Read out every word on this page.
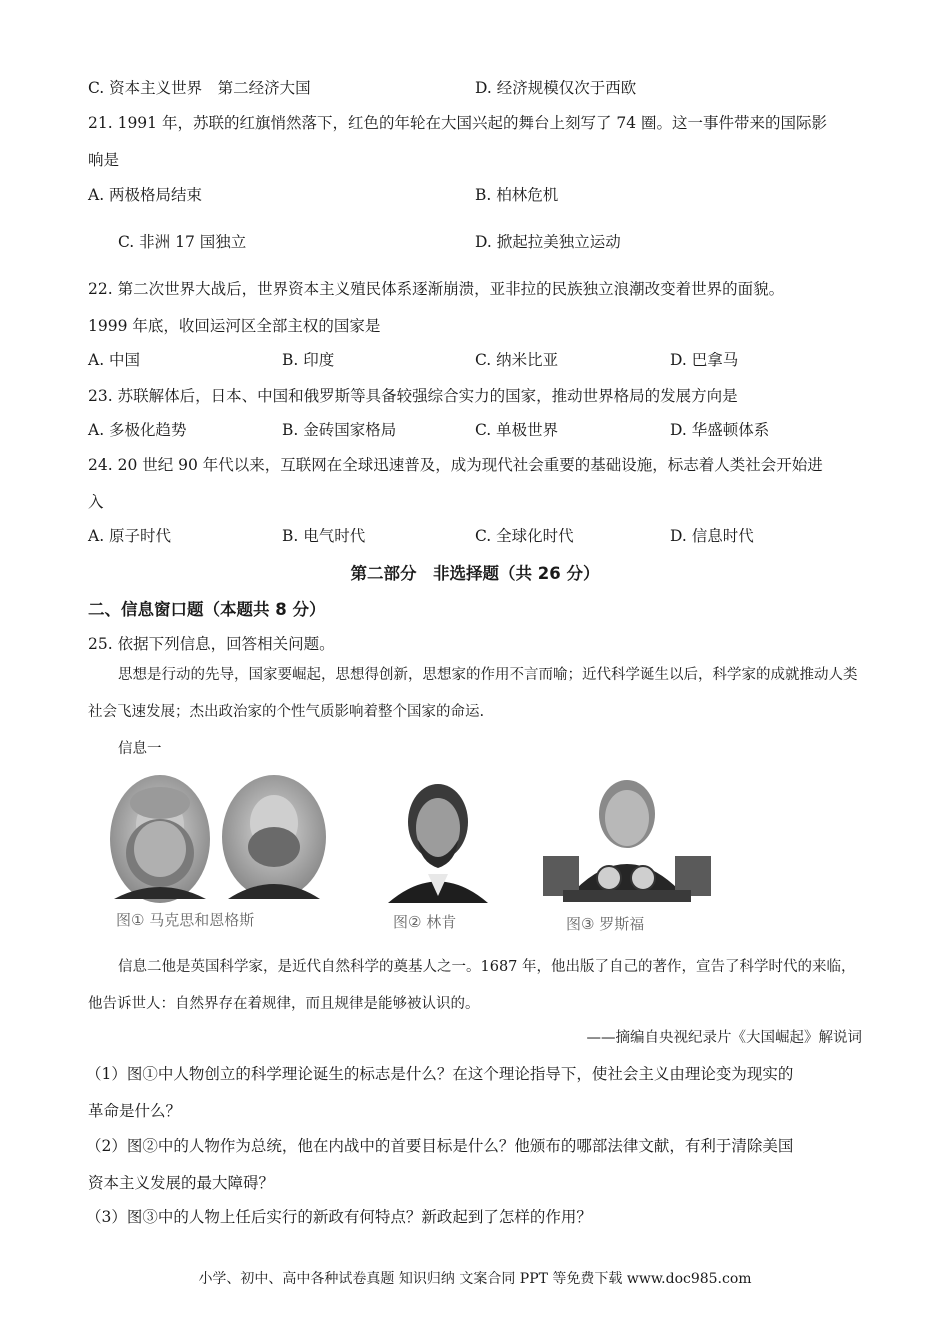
C. 资本主义世界　第二经济大国	D. 经济规模仅次于西欧
21. 1991 年，苏联的红旗悄然落下，红色的年轮在大国兴起的舞台上刻写了 74 圈。这一事件带来的国际影
响是
A. 两极格局结束	B. 柏林危机
C. 非洲 17 国独立	D. 掀起拉美独立运动
22. 第二次世界大战后，世界资本主义殖民体系逐渐崩溃，亚非拉的民族独立浪潮改变着世界的面貌。
1999 年底，收回运河区全部主权的国家是
A. 中国	B. 印度	C. 纳米比亚	D. 巴拿马
23. 苏联解体后，日本、中国和俄罗斯等具备较强综合实力的国家，推动世界格局的发展方向是
A. 多极化趋势	B. 金砖国家格局	C. 单极世界	D. 华盛顿体系
24. 20 世纪 90 年代以来，互联网在全球迅速普及，成为现代社会重要的基础设施，标志着人类社会开始进
入
A. 原子时代	B. 电气时代	C. 全球化时代	D. 信息时代
第二部分　非选择题（共 26 分）
二、信息窗口题（本题共 8 分）
25. 依据下列信息，回答相关问题。
思想是行动的先导，国家要崛起，思想得创新，思想家的作用不言而喻；近代科学诞生以后，科学家的成就推动人类社会飞速发展；杰出政治家的个性气质影响着整个国家的命运.
信息一
图① 马克思和恩格斯	图② 林肯	图③ 罗斯福
信息二他是英国科学家，是近代自然科学的奠基人之一。1687 年，他出版了自己的著作，宣告了科学时代的来临，他告诉世人：自然界存在着规律，而且规律是能够被认识的。
——摘编自央视纪录片《大国崛起》解说词
（1）图①中人物创立的科学理论诞生的标志是什么？在这个理论指导下，使社会主义由理论变为现实的
革命是什么？
（2）图②中的人物作为总统，他在内战中的首要目标是什么？他颁布的哪部法律文献，有利于清除美国
资本主义发展的最大障碍？
（3）图③中的人物上任后实行的新政有何特点？新政起到了怎样的作用？
小学、初中、高中各种试卷真题 知识归纳 文案合同 PPT 等免费下载 www.doc985.com
